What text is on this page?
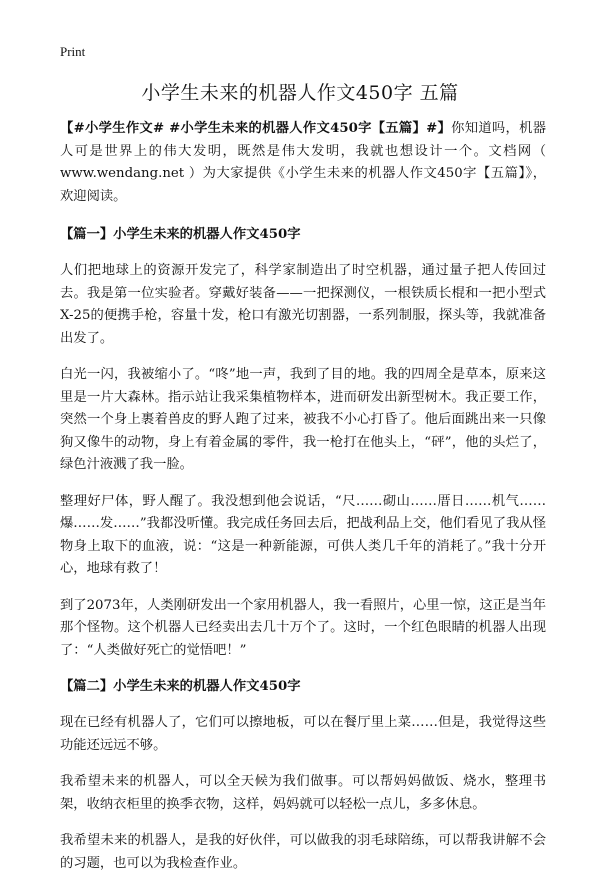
Print
小学生未来的机器人作文450字 五篇

【#小学生作文# #小学生未来的机器人作文450字【五篇】#】你知道吗，机器人可是世界上的伟大发明，既然是伟大发明，我就也想设计一个。文档网（ www.wendang.net ）为大家提供《小学生未来的机器人作文450字【五篇】》，欢迎阅读。

【篇一】小学生未来的机器人作文450字

人们把地球上的资源开发完了，科学家制造出了时空机器，通过量子把人传回过去。我是第一位实验者。穿戴好装备——一把探测仪，一根铁质长棍和一把小型式X-25的便携手枪，容量十发，枪口有激光切割器，一系列制服，探头等，我就准备出发了。

白光一闪，我被缩小了。“咚”地一声，我到了目的地。我的四周全是草本，原来这里是一片大森林。指示站让我采集植物样本，进而研发出新型树木。我正要工作，突然一个身上裹着兽皮的野人跑了过来，被我不小心打昏了。他后面跳出来一只像狗又像牛的动物，身上有着金属的零件，我一枪打在他头上，“砰”，他的头烂了，绿色汁液溅了我一脸。

整理好尸体，野人醒了。我没想到他会说话，“尺……砌山……厝日……机气……爆……发……”我都没听懂。我完成任务回去后，把战利品上交，他们看见了我从怪物身上取下的血液，说：“这是一种新能源，可供人类几千年的消耗了。”我十分开心，地球有救了！

到了2073年，人类刚研发出一个家用机器人，我一看照片，心里一惊，这正是当年那个怪物。这个机器人已经卖出去几十万个了。这时，一个红色眼睛的机器人出现了：“人类做好死亡的觉悟吧！”

【篇二】小学生未来的机器人作文450字

现在已经有机器人了，它们可以擦地板，可以在餐厅里上菜……但是，我觉得这些功能还远远不够。

我希望未来的机器人，可以全天候为我们做事。可以帮妈妈做饭、烧水，整理书架，收纳衣柜里的换季衣物，这样，妈妈就可以轻松一点儿，多多休息。

我希望未来的机器人，是我的好伙伴，可以做我的羽毛球陪练，可以帮我讲解不会的习题，也可以为我检查作业。
